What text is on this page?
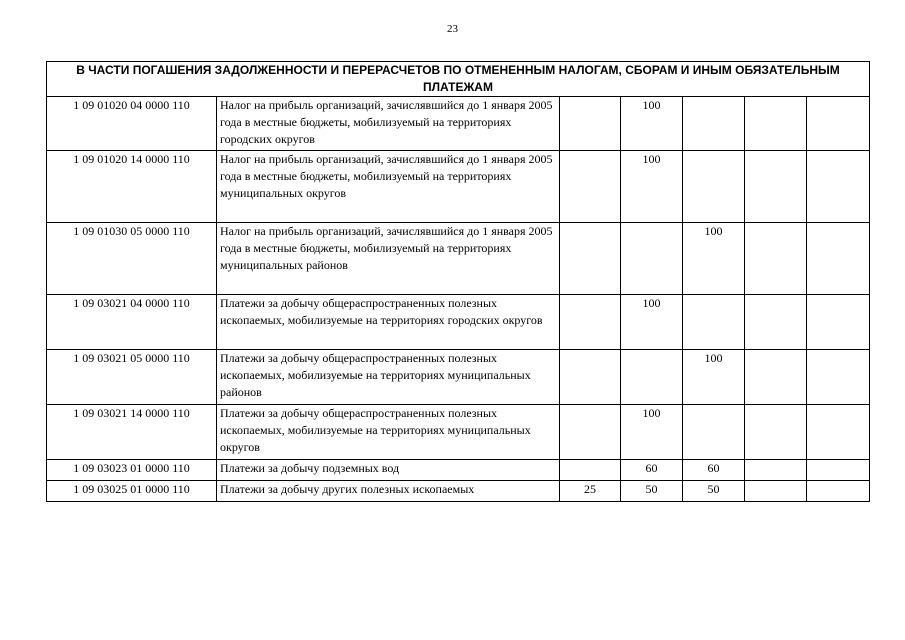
23
В ЧАСТИ ПОГАШЕНИЯ ЗАДОЛЖЕННОСТИ И ПЕРЕРАСЧЕТОВ ПО ОТМЕНЕННЫМ НАЛОГАМ, СБОРАМ И ИНЫМ ОБЯЗАТЕЛЬНЫМ ПЛАТЕЖАМ							
1 09 01020 04 0000 110	Налог на прибыль организаций, зачислявшийся до 1 января 2005 года в местные бюджеты, мобилизуемый на территориях городских округов		100				
1 09 01020 14 0000 110	Налог на прибыль организаций, зачислявшийся до 1 января 2005 года в местные бюджеты, мобилизуемый на территориях муниципальных округов		100				
1 09 01030 05 0000 110	Налог на прибыль организаций, зачислявшийся до 1 января 2005 года в местные бюджеты, мобилизуемый на территориях муниципальных районов			100			
1 09 03021 04 0000 110	Платежи за добычу общераспространенных полезных ископаемых, мобилизуемые на территориях городских округов		100				
1 09 03021 05 0000 110	Платежи за добычу общераспространенных полезных ископаемых, мобилизуемые на территориях муниципальных районов			100			
1 09 03021 14 0000 110	Платежи за добычу общераспространенных полезных ископаемых, мобилизуемые на территориях муниципальных округов		100				
1 09 03023 01 0000 110	Платежи за добычу подземных вод		60	60			
1 09 03025 01 0000 110	Платежи за добычу других полезных ископаемых	25	50	50			
